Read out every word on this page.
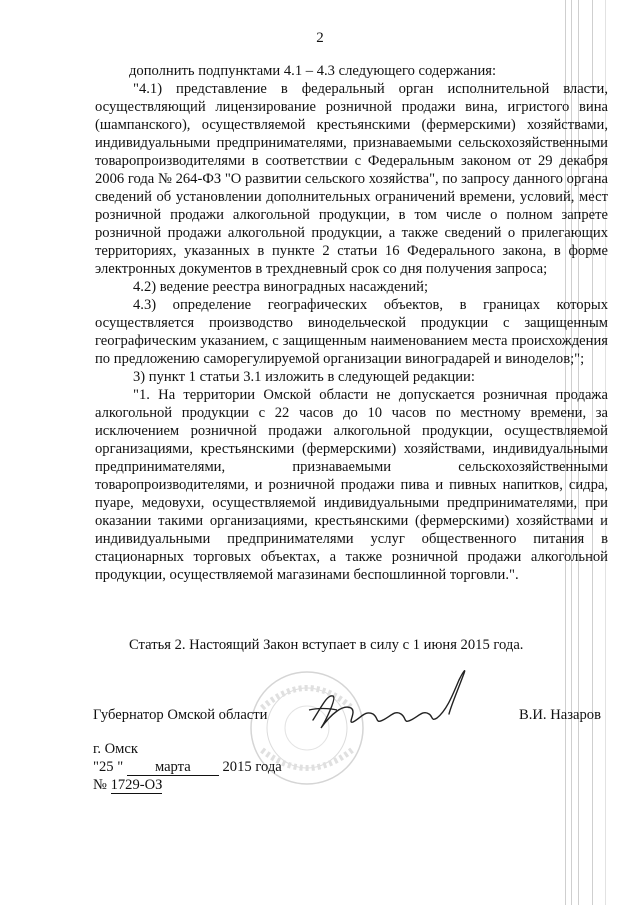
2

дополнить подпунктами 4.1 – 4.3 следующего содержания:

"4.1) представление в федеральный орган исполнительной власти, осуществляющий лицензирование розничной продажи вина, игристого вина (шампанского), осуществляемой крестьянскими (фермерскими) хозяйствами, индивидуальными предпринимателями, признаваемыми сельскохозяйственными товаропроизводителями в соответствии с Федеральным законом от 29 декабря 2006 года № 264-ФЗ "О развитии сельского хозяйства", по запросу данного органа сведений об установлении дополнительных ограничений времени, условий, мест розничной продажи алкогольной продукции, в том числе о полном запрете розничной продажи алкогольной продукции, а также сведений о прилегающих территориях, указанных в пункте 2 статьи 16 Федерального закона, в форме электронных документов в трехдневный срок со дня получения запроса;

4.2) ведение реестра виноградных насаждений;

4.3) определение географических объектов, в границах которых осуществляется производство винодельческой продукции с защищенным географическим указанием, с защищенным наименованием места происхождения по предложению саморегулируемой организации виноградарей и виноделов;";

3) пункт 1 статьи 3.1 изложить в следующей редакции:

"1. На территории Омской области не допускается розничная продажа алкогольной продукции с 22 часов до 10 часов по местному времени, за исключением розничной продажи алкогольной продукции, осуществляемой организациями, крестьянскими (фермерскими) хозяйствами, индивидуальными предпринимателями, признаваемыми сельскохозяйственными товаропроизводителями, и розничной продажи пива и пивных напитков, сидра, пуаре, медовухи, осуществляемой индивидуальными предпринимателями, при оказании такими организациями, крестьянскими (фермерскими) хозяйствами и индивидуальными предпринимателями услуг общественного питания в стационарных торговых объектах, а также розничной продажи алкогольной продукции, осуществляемой магазинами беспошлинной торговли.".

Статья 2. Настоящий Закон вступает в силу с 1 июня 2015 года.

Губернатор Омской области	В.И. Назаров

г. Омск

"25 " марта 2015 года

№ 1729-ОЗ
